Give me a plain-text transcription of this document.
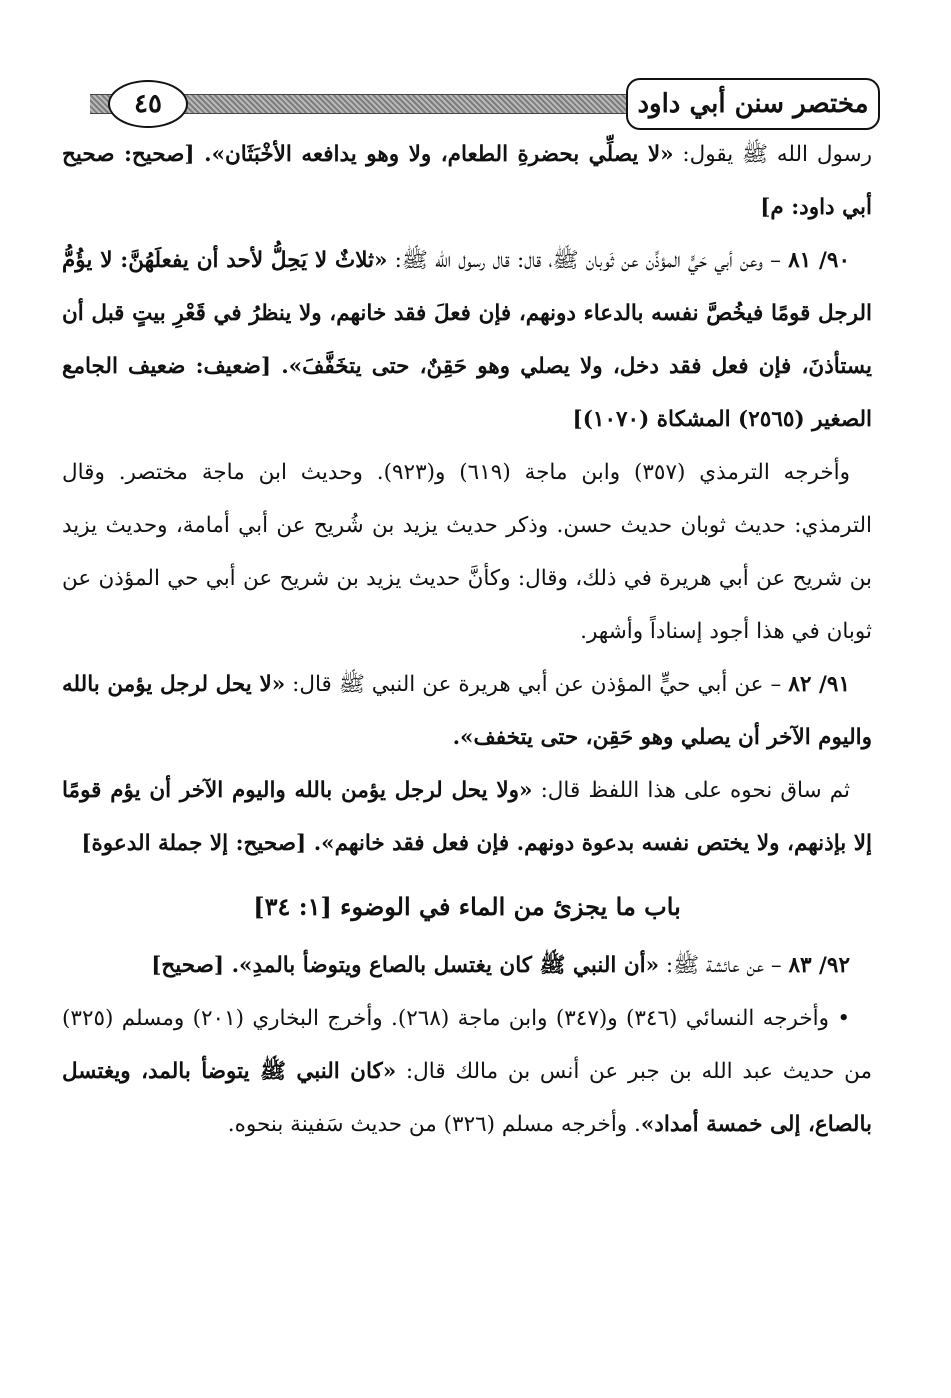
٤٥	مختصر سنن أبي داود

رسول الله ﷺ يقول: «لا يصلِّي بحضرةِ الطعام، ولا وهو يدافعه الأخْبَثَان». [صحيح: صحيح أبي داود: م]

٩٠/ ٨١ – وعن أبي حَيٍّ المؤذِّن عن ثَوبان ﷺ، قال: قال رسول الله ﷺ: «ثلاثٌ لا يَحِلُّ لأحد أن يفعلَهُنَّ: لا يؤُمُّ الرجل قومًا فيخُصَّ نفسه بالدعاء دونهم، فإن فعلَ فقد خانهم، ولا ينظرُ في قَعْرِ بيتٍ قبل أن يستأذنَ، فإن فعل فقد دخل، ولا يصلي وهو حَقِنٌ، حتى يتخَفَّفَ». [ضعيف: ضعيف الجامع الصغير (٢٥٦٥) المشكاة (١٠٧٠)]

وأخرجه الترمذي (٣٥٧) وابن ماجة (٦١٩) و(٩٢٣). وحديث ابن ماجة مختصر. وقال الترمذي: حديث ثوبان حديث حسن. وذكر حديث يزيد بن شُريح عن أبي أمامة، وحديث يزيد بن شريح عن أبي هريرة في ذلك، وقال: وكأنَّ حديث يزيد بن شريح عن أبي حي المؤذن عن ثوبان في هذا أجود إسناداً وأشهر.

٩١/ ٨٢ – عن أبي حيٍّ المؤذن عن أبي هريرة عن النبي ﷺ قال: «لا يحل لرجل يؤمن بالله واليوم الآخر أن يصلي وهو حَقِن، حتى يتخفف».

ثم ساق نحوه على هذا اللفظ قال: «ولا يحل لرجل يؤمن بالله واليوم الآخر أن يؤم قومًا إلا بإذنهم، ولا يختص نفسه بدعوة دونهم. فإن فعل فقد خانهم». [صحيح: إلا جملة الدعوة]

باب ما يجزئ من الماء في الوضوء [١: ٣٤]

٩٢/ ٨٣ – عن عائشة ﷺ: «أن النبي ﷺ كان يغتسل بالصاع ويتوضأ بالمدِ». [صحيح]

• وأخرجه النسائي (٣٤٦) و(٣٤٧) وابن ماجة (٢٦٨). وأخرج البخاري (٢٠١) ومسلم (٣٢٥) من حديث عبد الله بن جبر عن أنس بن مالك قال: «كان النبي ﷺ يتوضأ بالمد، ويغتسل بالصاع، إلى خمسة أمداد». وأخرجه مسلم (٣٢٦) من حديث سَفينة بنحوه.
